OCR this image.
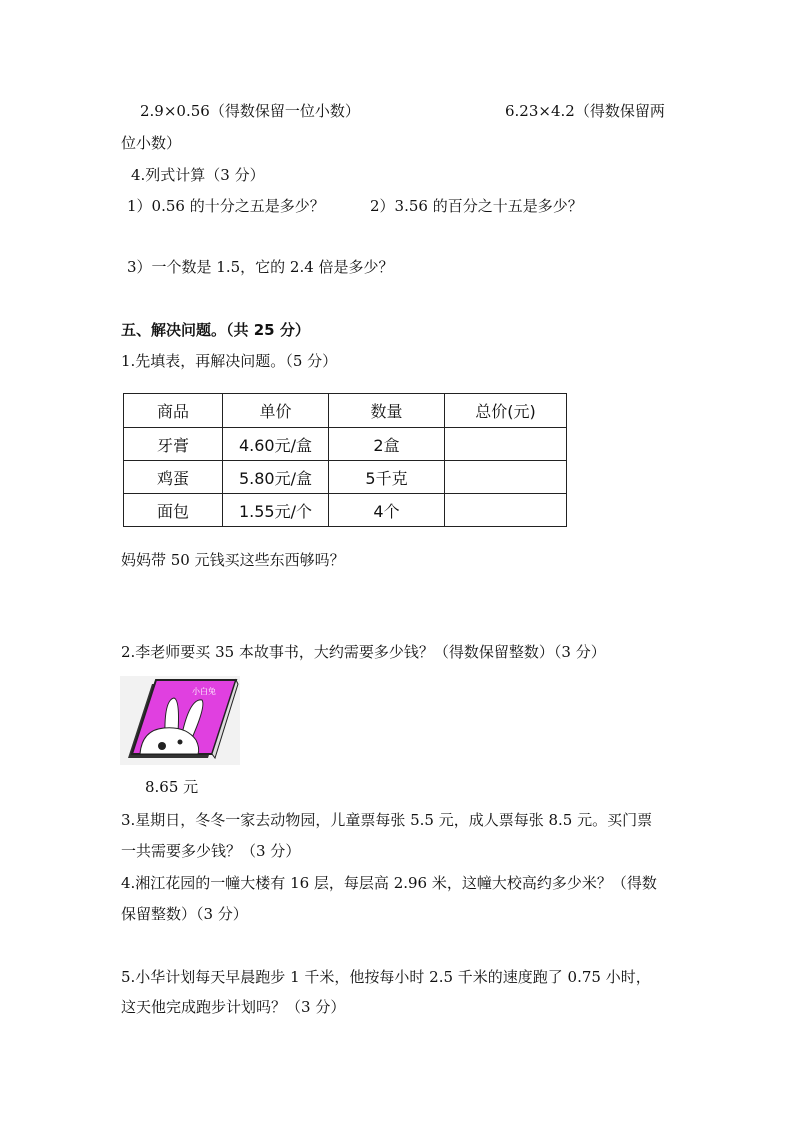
2.9×0.56（得数保留一位小数）	6.23×4.2（得数保留两
位小数）
4.列式计算（3 分）
1）0.56 的十分之五是多少？	2）3.56 的百分之十五是多少？
3）一个数是 1.5，它的 2.4 倍是多少？
五、解决问题。（共 25 分）
1.先填表，再解决问题。（5 分）
商品	单价	数量	总价(元)
牙膏	4.60元/盒	2盒	
鸡蛋	5.80元/盒	5千克	
面包	1.55元/个	4个	
妈妈带 50 元钱买这些东西够吗？
2.李老师要买 35 本故事书，大约需要多少钱？（得数保留整数）（3 分）
小白兔
8.65 元
3.星期日，冬冬一家去动物园，儿童票每张 5.5 元，成人票每张 8.5 元。买门票
一共需要多少钱？（3 分）
4.湘江花园的一幢大楼有 16 层，每层高 2.96 米，这幢大校高约多少米？（得数
保留整数）（3 分）
5.小华计划每天早晨跑步 1 千米，他按每小时 2.5 千米的速度跑了 0.75 小时，
这天他完成跑步计划吗？（3 分）
